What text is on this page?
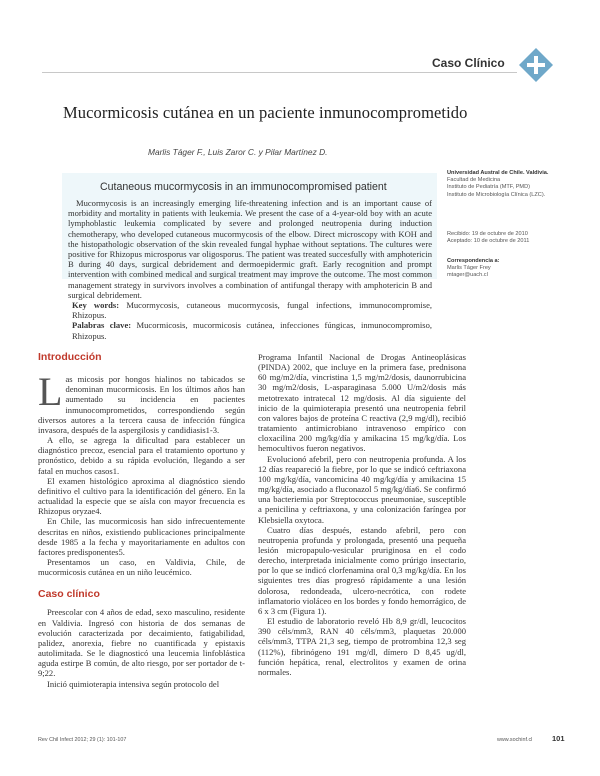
Caso Clínico
Mucormicosis cutánea en un paciente inmunocomprometido
Marlis Táger F., Luis Zaror C. y Pilar Martínez D.
Cutaneous mucormycosis in an immunocompromised patient

Mucormycosis is an increasingly emerging life-threatening infection and is an important cause of morbidity and mortality in patients with leukemia. We present the case of a 4-year-old boy with an acute lymphoblastic leukemia complicated by severe and prolonged neutropenia during induction chemotherapy, who developed cutaneous mucormycosis of the elbow. Direct microscopy with KOH and the histopathologic observation of the skin revealed fungal hyphae without septations. The cultures were positive for Rhizopus microsporus var oligosporus. The patient was treated succesfully with amphotericin B during 40 days, surgical debridement and dermoepidermic graft. Early recognition and prompt intervention with combined medical and surgical treatment may improve the outcome. The most common management strategy in survivors involves a combination of antifungal therapy with amphotericin B and surgical debridement.

Key words: Mucormycosis, cutaneous mucormycosis, fungal infections, immunocompromise, Rhizopus.

Palabras clave: Mucormicosis, mucormicosis cutánea, infecciones fúngicas, inmunocompromiso, Rhizopus.

Universidad Austral de Chile. Valdivia.
Facultad de Medicina
Instituto de Pediatría (MTF, PMD)
Instituto de Microbiología Clínica (LZC).
Recibido: 19 de octubre de 2010
Aceptado: 10 de octubre de 2011
Correspondencia a:
Marlis Táger Frey
mtager@uach.cl
Introducción

Las micosis por hongos hialinos no tabicados se denominan mucormicosis. En los últimos años han aumentado su incidencia en pacientes inmunocomprometidos, correspondiendo según diversos autores a la tercera causa de infección fúngica invasora, después de la aspergilosis y candidiasis1-3.

A ello, se agrega la dificultad para establecer un diagnóstico precoz, esencial para el tratamiento oportuno y pronóstico, debido a su rápida evolución, llegando a ser fatal en muchos casos1.

El examen histológico aproxima al diagnóstico siendo definitivo el cultivo para la identificación del género. En la actualidad la especie que se aísla con mayor frecuencia es Rhizopus oryzae4.

En Chile, las mucormicosis han sido infrecuentemente descritas en niños, existiendo publicaciones principalmente desde 1985 a la fecha y mayoritariamente en adultos con factores predisponentes5.

Presentamos un caso, en Valdivia, Chile, de mucormicosis cutánea en un niño leucémico.

Caso clínico

Preescolar con 4 años de edad, sexo masculino, residente en Valdivia. Ingresó con historia de dos semanas de evolución caracterizada por decaimiento, fatigabilidad, palidez, anorexia, fiebre no cuantificada y epistaxis autolimitada. Se le diagnosticó una leucemia linfoblástica aguda estirpe B común, de alto riesgo, por ser portador de t-9;22.

Inició quimioterapia intensiva según protocolo del

Programa Infantil Nacional de Drogas Antineoplásicas (PINDA) 2002, que incluye en la primera fase, prednisona 60 mg/m2/día, vincristina 1,5 mg/m2/dosis, daunorrubicina 30 mg/m2/dosis, L-asparaginasa 5.000 U/m2/dosis más metotrexato intratecal 12 mg/dosis. Al día siguiente del inicio de la quimioterapia presentó una neutropenia febril con valores bajos de proteína C reactiva (2,9 mg/dl), recibió tratamiento antimicrobiano intravenoso empírico con cloxacilina 200 mg/kg/día y amikacina 15 mg/kg/día. Los hemocultivos fueron negativos.

Evolucionó afebril, pero con neutropenia profunda. A los 12 días reapareció la fiebre, por lo que se indicó ceftriaxona 100 mg/kg/día, vancomicina 40 mg/kg/día y amikacina 15 mg/kg/día, asociado a fluconazol 5 mg/kg/día6. Se confirmó una bacteriemia por Streptococcus pneumoniae, susceptible a penicilina y ceftriaxona, y una colonización faríngea por Klebsiella oxytoca.

Cuatro días después, estando afebril, pero con neutropenia profunda y prolongada, presentó una pequeña lesión micropapulo-vesicular pruriginosa en el codo derecho, interpretada inicialmente como prúrigo insectario, por lo que se indicó clorfenamina oral 0,3 mg/kg/día. En los siguientes tres días progresó rápidamente a una lesión dolorosa, redondeada, ulcero-necrótica, con rodete inflamatorio violáceo en los bordes y fondo hemorrágico, de 6 x 3 cm (Figura 1).

El estudio de laboratorio reveló Hb 8,9 gr/dl, leucocitos 390 céls/mm3, RAN 40 céls/mm3, plaquetas 20.000 céls/mm3, TTPA 21,3 seg, tiempo de protrombina 12,3 seg (112%), fibrinógeno 191 mg/dl, dímero D 8,45 ug/dl, función hepática, renal, electrolitos y examen de orina normales.

Rev Chil Infect 2012; 29 (1): 101-107	www.sochinf.cl	101
